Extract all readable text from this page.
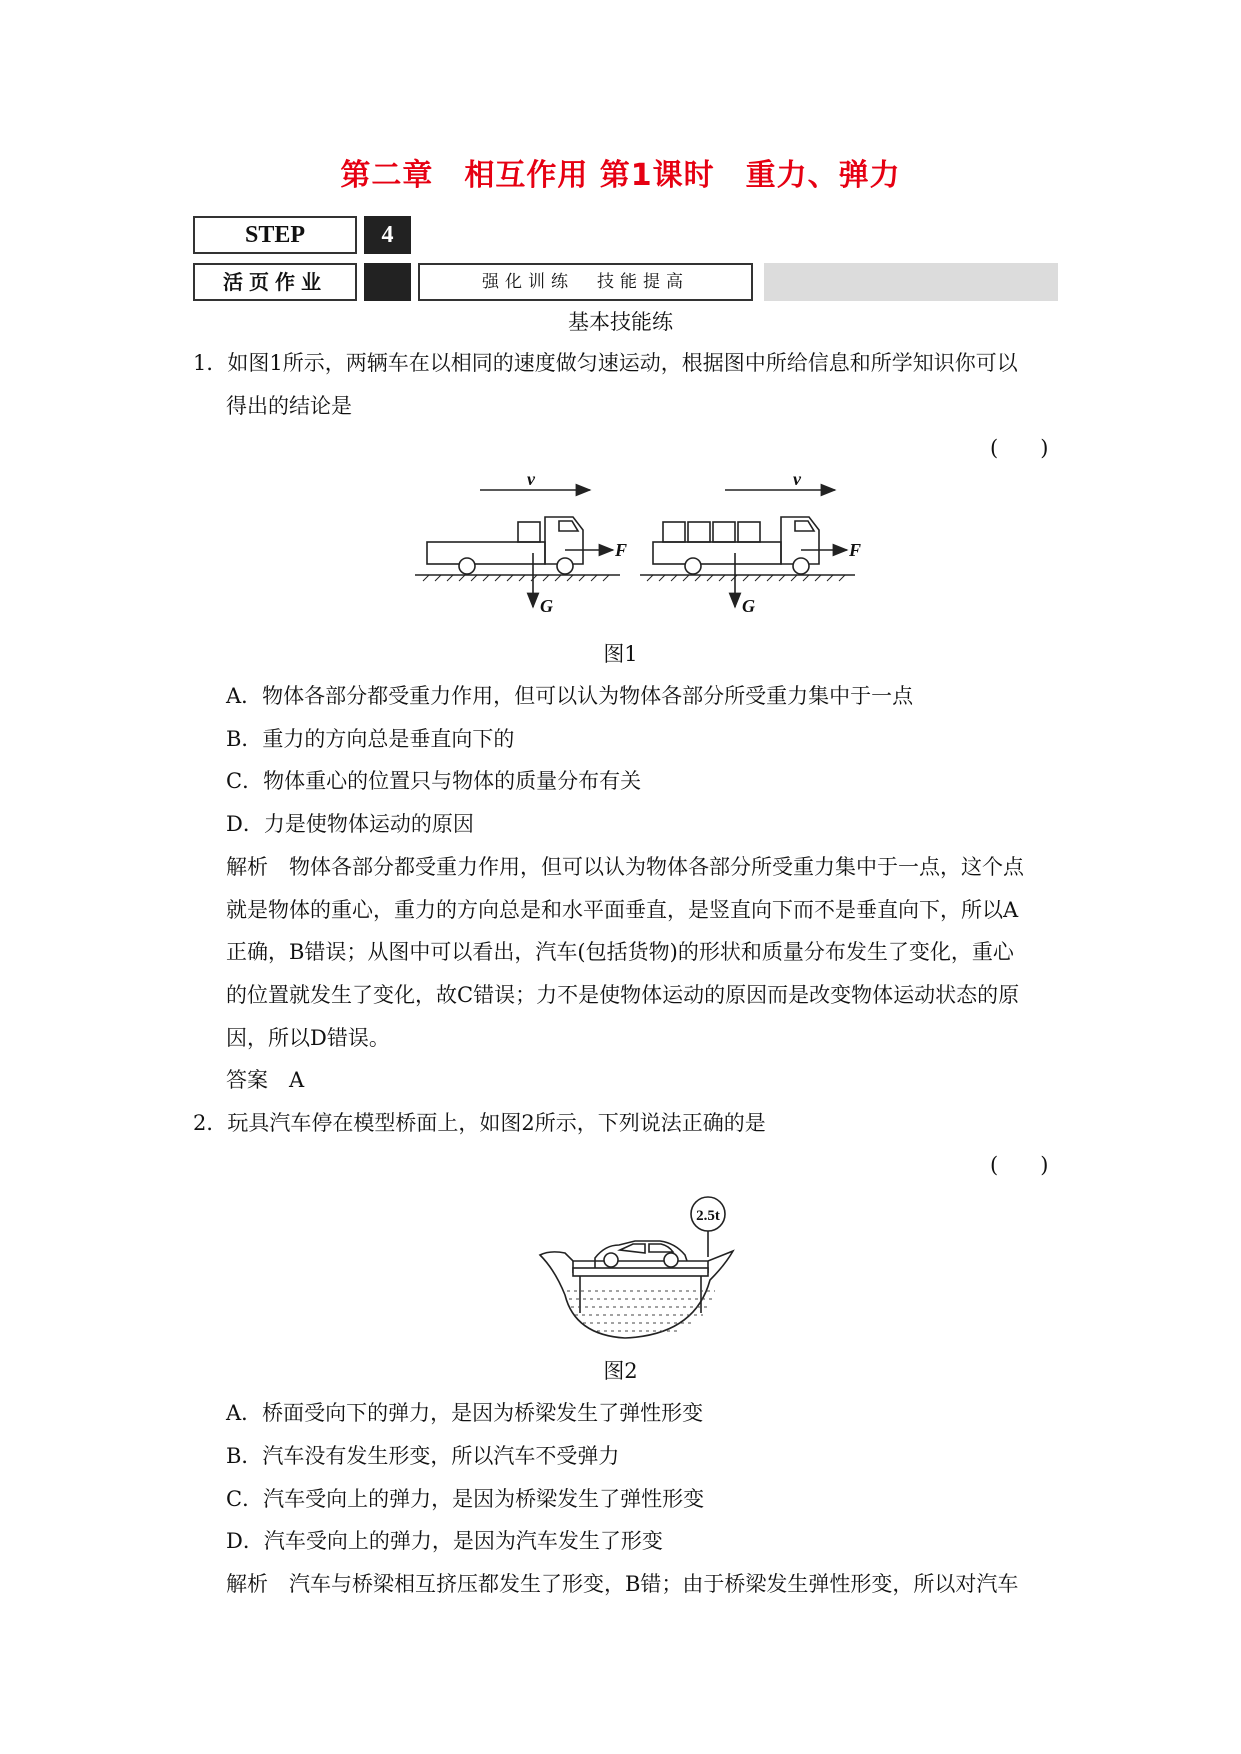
第二章　相互作用 第1课时　重力、弹力
STEP	4
活页作业	强化训练　技能提高
基本技能练
1．如图1所示，两辆车在以相同的速度做匀速运动，根据图中所给信息和所学知识你可以
得出的结论是
(　　)
v
F
G
v
F
G
图1
A．物体各部分都受重力作用，但可以认为物体各部分所受重力集中于一点
B．重力的方向总是垂直向下的
C．物体重心的位置只与物体的质量分布有关
D．力是使物体运动的原因
解析　物体各部分都受重力作用，但可以认为物体各部分所受重力集中于一点，这个点
就是物体的重心，重力的方向总是和水平面垂直，是竖直向下而不是垂直向下，所以A
正确，B错误；从图中可以看出，汽车(包括货物)的形状和质量分布发生了变化，重心
的位置就发生了变化，故C错误；力不是使物体运动的原因而是改变物体运动状态的原
因，所以D错误。
答案　A
2．玩具汽车停在模型桥面上，如图2所示，下列说法正确的是
(　　)
2.5t
图2
A．桥面受向下的弹力，是因为桥梁发生了弹性形变
B．汽车没有发生形变，所以汽车不受弹力
C．汽车受向上的弹力，是因为桥梁发生了弹性形变
D．汽车受向上的弹力，是因为汽车发生了形变
解析　汽车与桥梁相互挤压都发生了形变，B错；由于桥梁发生弹性形变，所以对汽车
